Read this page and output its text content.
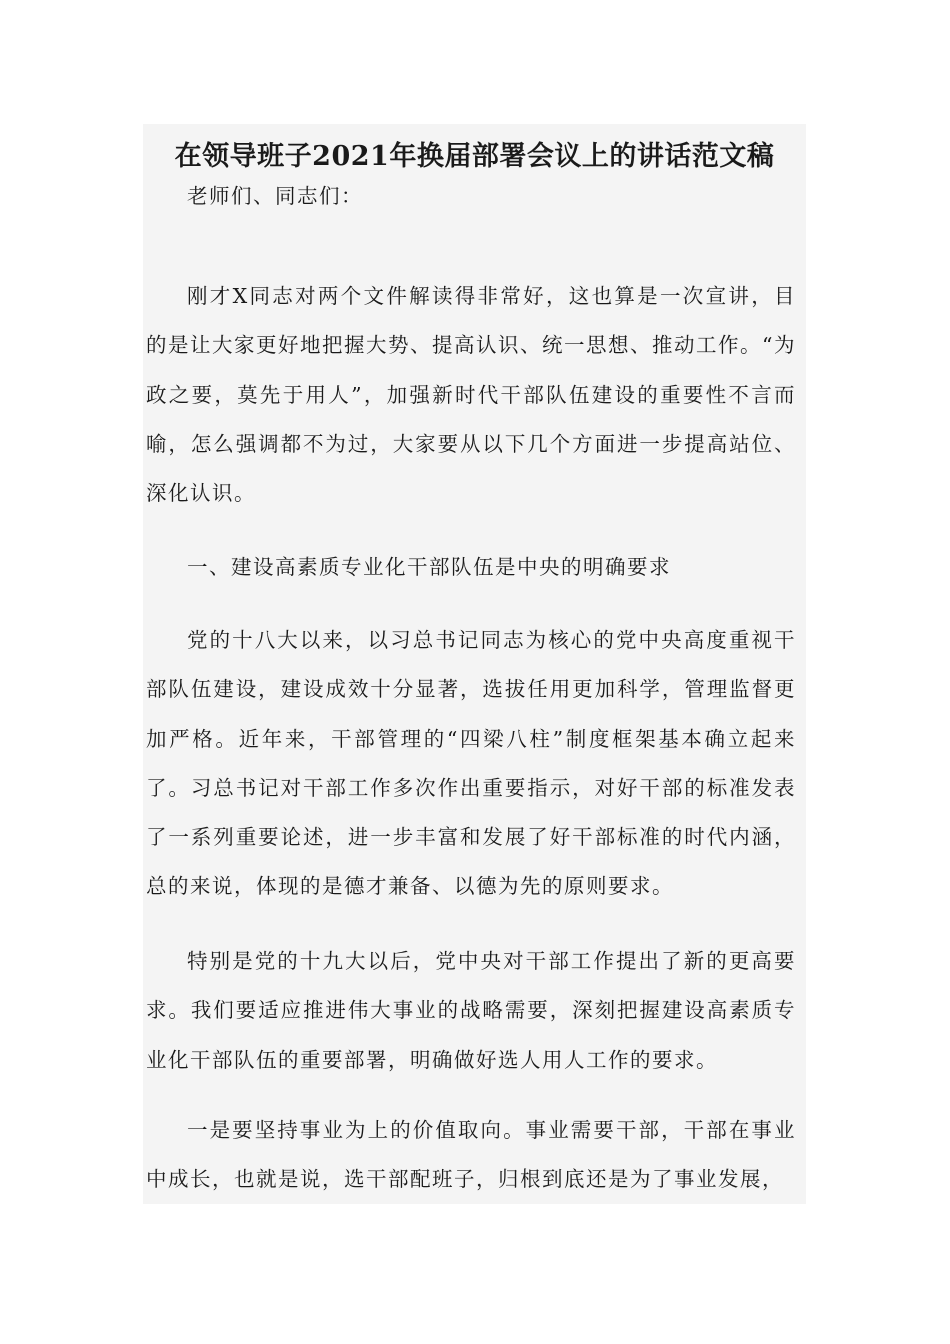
在领导班子2021年换届部署会议上的讲话范文稿

老师们、同志们：

刚才X同志对两个文件解读得非常好，这也算是一次宣讲，目的是让大家更好地把握大势、提高认识、统一思想、推动工作。“为政之要，莫先于用人”，加强新时代干部队伍建设的重要性不言而喻，怎么强调都不为过，大家要从以下几个方面进一步提高站位、深化认识。

一、建设高素质专业化干部队伍是中央的明确要求

党的十八大以来，以习总书记同志为核心的党中央高度重视干部队伍建设，建设成效十分显著，选拔任用更加科学，管理监督更加严格。近年来，干部管理的“四梁八柱”制度框架基本确立起来了。习总书记对干部工作多次作出重要指示，对好干部的标准发表了一系列重要论述，进一步丰富和发展了好干部标准的时代内涵，总的来说，体现的是德才兼备、以德为先的原则要求。

特别是党的十九大以后，党中央对干部工作提出了新的更高要求。我们要适应推进伟大事业的战略需要，深刻把握建设高素质专业化干部队伍的重要部署，明确做好选人用人工作的要求。

一是要坚持事业为上的价值取向。事业需要干部，干部在事业中成长，也就是说，选干部配班子，归根到底还是为了事业发展，
